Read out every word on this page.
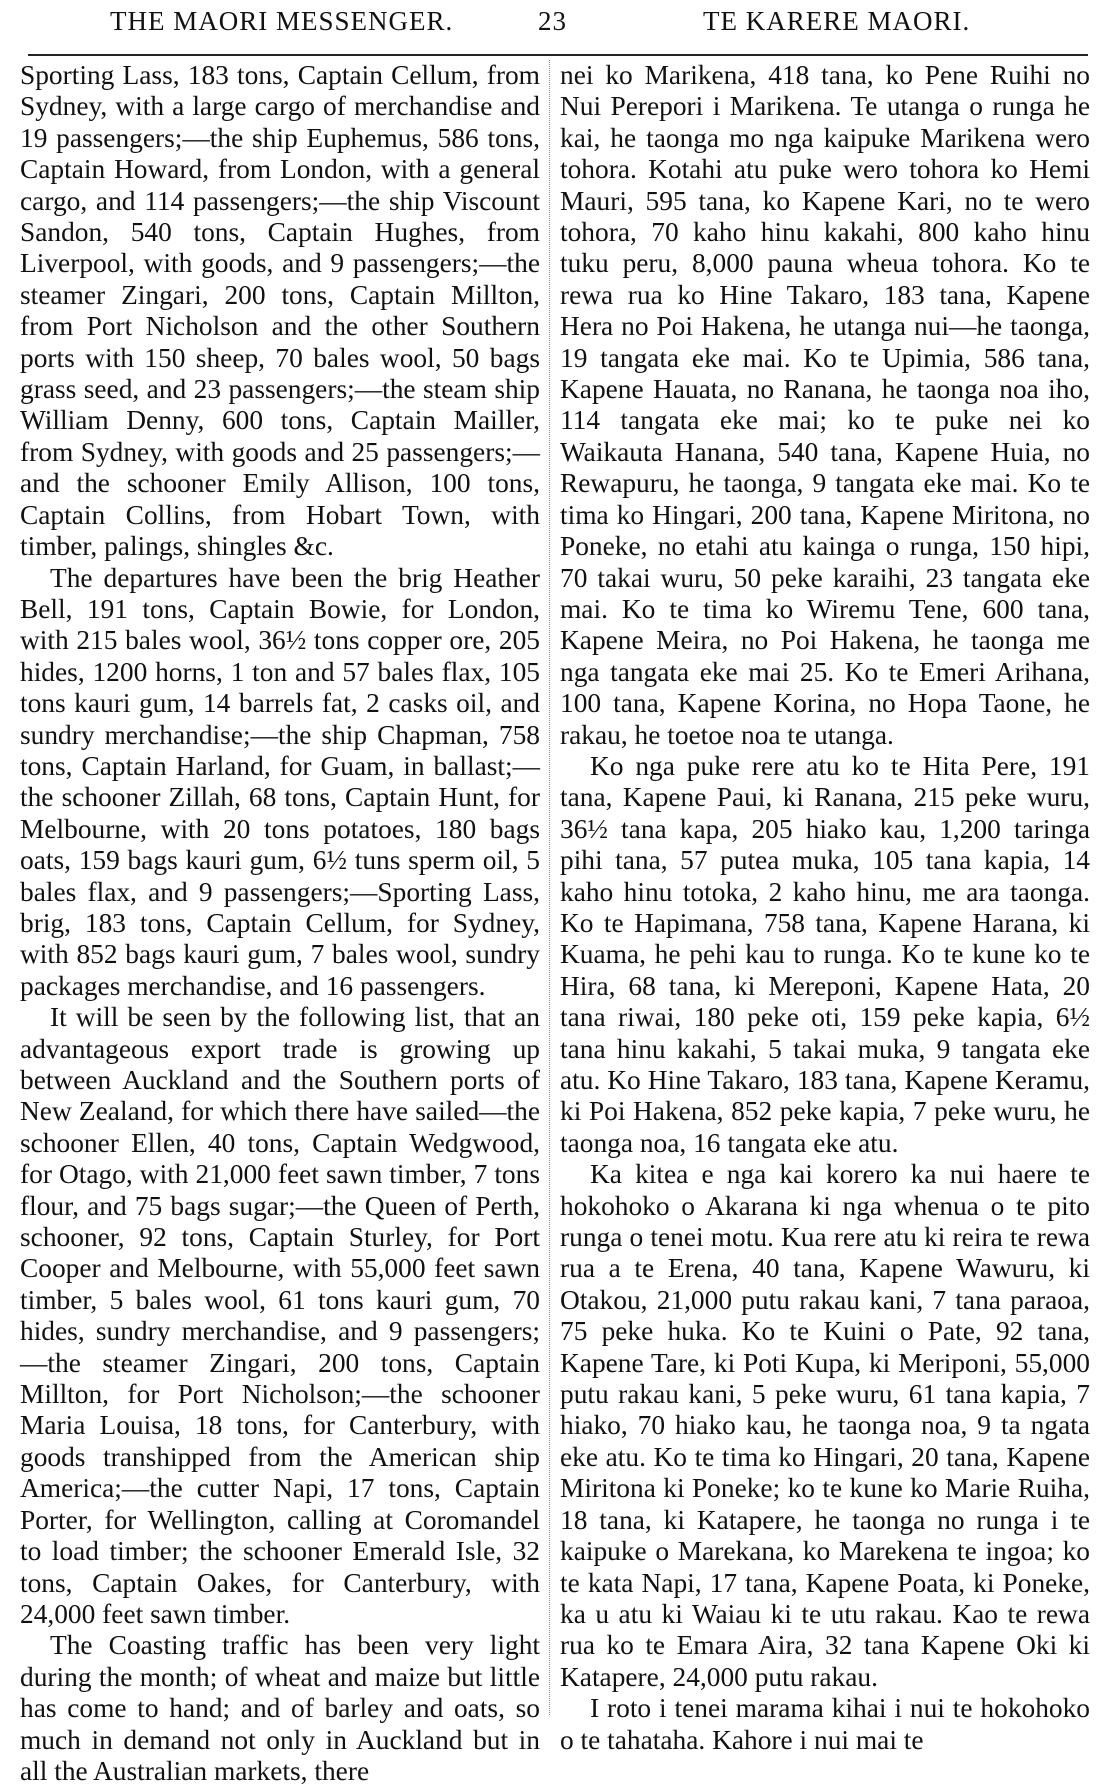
THE MAORI MESSENGER.	23	TE KARERE MAORI.

Sporting Lass, 183 tons, Captain Cellum, from Sydney, with a large cargo of merchandise and 19 passengers;—the ship Euphemus, 586 tons, Captain Howard, from London, with a general cargo, and 114 passengers;—the ship Viscount Sandon, 540 tons, Captain Hughes, from Liverpool, with goods, and 9 passengers;—the steamer Zingari, 200 tons, Captain Millton, from Port Nicholson and the other Southern ports with 150 sheep, 70 bales wool, 50 bags grass seed, and 23 passengers;—the steam ship William Denny, 600 tons, Captain Mailler, from Sydney, with goods and 25 passengers;—and the schooner Emily Allison, 100 tons, Captain Collins, from Hobart Town, with timber, palings, shingles &c.

The departures have been the brig Heather Bell, 191 tons, Captain Bowie, for London, with 215 bales wool, 36½ tons copper ore, 205 hides, 1200 horns, 1 ton and 57 bales flax, 105 tons kauri gum, 14 barrels fat, 2 casks oil, and sundry merchandise;—the ship Chapman, 758 tons, Captain Harland, for Guam, in ballast;—the schooner Zillah, 68 tons, Captain Hunt, for Melbourne, with 20 tons potatoes, 180 bags oats, 159 bags kauri gum, 6½ tuns sperm oil, 5 bales flax, and 9 passengers;—Sporting Lass, brig, 183 tons, Captain Cellum, for Sydney, with 852 bags kauri gum, 7 bales wool, sundry packages merchandise, and 16 passengers.

It will be seen by the following list, that an advantageous export trade is growing up between Auckland and the Southern ports of New Zealand, for which there have sailed—the schooner Ellen, 40 tons, Captain Wedgwood, for Otago, with 21,000 feet sawn timber, 7 tons flour, and 75 bags sugar;—the Queen of Perth, schooner, 92 tons, Captain Sturley, for Port Cooper and Melbourne, with 55,000 feet sawn timber, 5 bales wool, 61 tons kauri gum, 70 hides, sundry merchandise, and 9 passengers;—the steamer Zingari, 200 tons, Captain Millton, for Port Nicholson;—the schooner Maria Louisa, 18 tons, for Canterbury, with goods transhipped from the American ship America;—the cutter Napi, 17 tons, Captain Porter, for Wellington, calling at Coromandel to load timber; the schooner Emerald Isle, 32 tons, Captain Oakes, for Canterbury, with 24,000 feet sawn timber.

The Coasting traffic has been very light during the month; of wheat and maize but little has come to hand; and of barley and oats, so much in demand not only in Auckland but in all the Australian markets, there

nei ko Marikena, 418 tana, ko Pene Ruihi no Nui Perepori i Marikena. Te utanga o runga he kai, he taonga mo nga kaipuke Marikena wero tohora. Kotahi atu puke wero tohora ko Hemi Mauri, 595 tana, ko Kapene Kari, no te wero tohora, 70 kaho hinu kakahi, 800 kaho hinu tuku peru, 8,000 pauna wheua tohora. Ko te rewa rua ko Hine Takaro, 183 tana, Kapene Hera no Poi Hakena, he utanga nui—he taonga, 19 tangata eke mai. Ko te Upimia, 586 tana, Kapene Hauata, no Ranana, he taonga noa iho, 114 tangata eke mai; ko te puke nei ko Waikauta Hanana, 540 tana, Kapene Huia, no Rewapuru, he taonga, 9 tangata eke mai. Ko te tima ko Hingari, 200 tana, Kapene Miritona, no Poneke, no etahi atu kainga o runga, 150 hipi, 70 takai wuru, 50 peke karaihi, 23 tangata eke mai. Ko te tima ko Wiremu Tene, 600 tana, Kapene Meira, no Poi Hakena, he taonga me nga tangata eke mai 25. Ko te Emeri Arihana, 100 tana, Kapene Korina, no Hopa Taone, he rakau, he toetoe noa te utanga.

Ko nga puke rere atu ko te Hita Pere, 191 tana, Kapene Paui, ki Ranana, 215 peke wuru, 36½ tana kapa, 205 hiako kau, 1,200 taringa pihi tana, 57 putea muka, 105 tana kapia, 14 kaho hinu totoka, 2 kaho hinu, me ara taonga. Ko te Hapimana, 758 tana, Kapene Harana, ki Kuama, he pehi kau to runga. Ko te kune ko te Hira, 68 tana, ki Mereponi, Kapene Hata, 20 tana riwai, 180 peke oti, 159 peke kapia, 6½ tana hinu kakahi, 5 takai muka, 9 tangata eke atu. Ko Hine Takaro, 183 tana, Kapene Keramu, ki Poi Hakena, 852 peke kapia, 7 peke wuru, he taonga noa, 16 tangata eke atu.

Ka kitea e nga kai korero ka nui haere te hokohoko o Akarana ki nga whenua o te pito runga o tenei motu. Kua rere atu ki reira te rewa rua a te Erena, 40 tana, Kapene Wawuru, ki Otakou, 21,000 putu rakau kani, 7 tana paraoa, 75 peke huka. Ko te Kuini o Pate, 92 tana, Kapene Tare, ki Poti Kupa, ki Meriponi, 55,000 putu rakau kani, 5 peke wuru, 61 tana kapia, 7 hiako, 70 hiako kau, he taonga noa, 9 ta ngata eke atu. Ko te tima ko Hingari, 20 tana, Kapene Miritona ki Poneke; ko te kune ko Marie Ruiha, 18 tana, ki Katapere, he taonga no runga i te kaipuke o Marekana, ko Marekena te ingoa; ko te kata Napi, 17 tana, Kapene Poata, ki Poneke, ka u atu ki Waiau ki te utu rakau. Kao te rewa rua ko te Emara Aira, 32 tana Kapene Oki ki Katapere, 24,000 putu rakau.

I roto i tenei marama kihai i nui te hokohoko o te tahataha. Kahore i nui mai te
